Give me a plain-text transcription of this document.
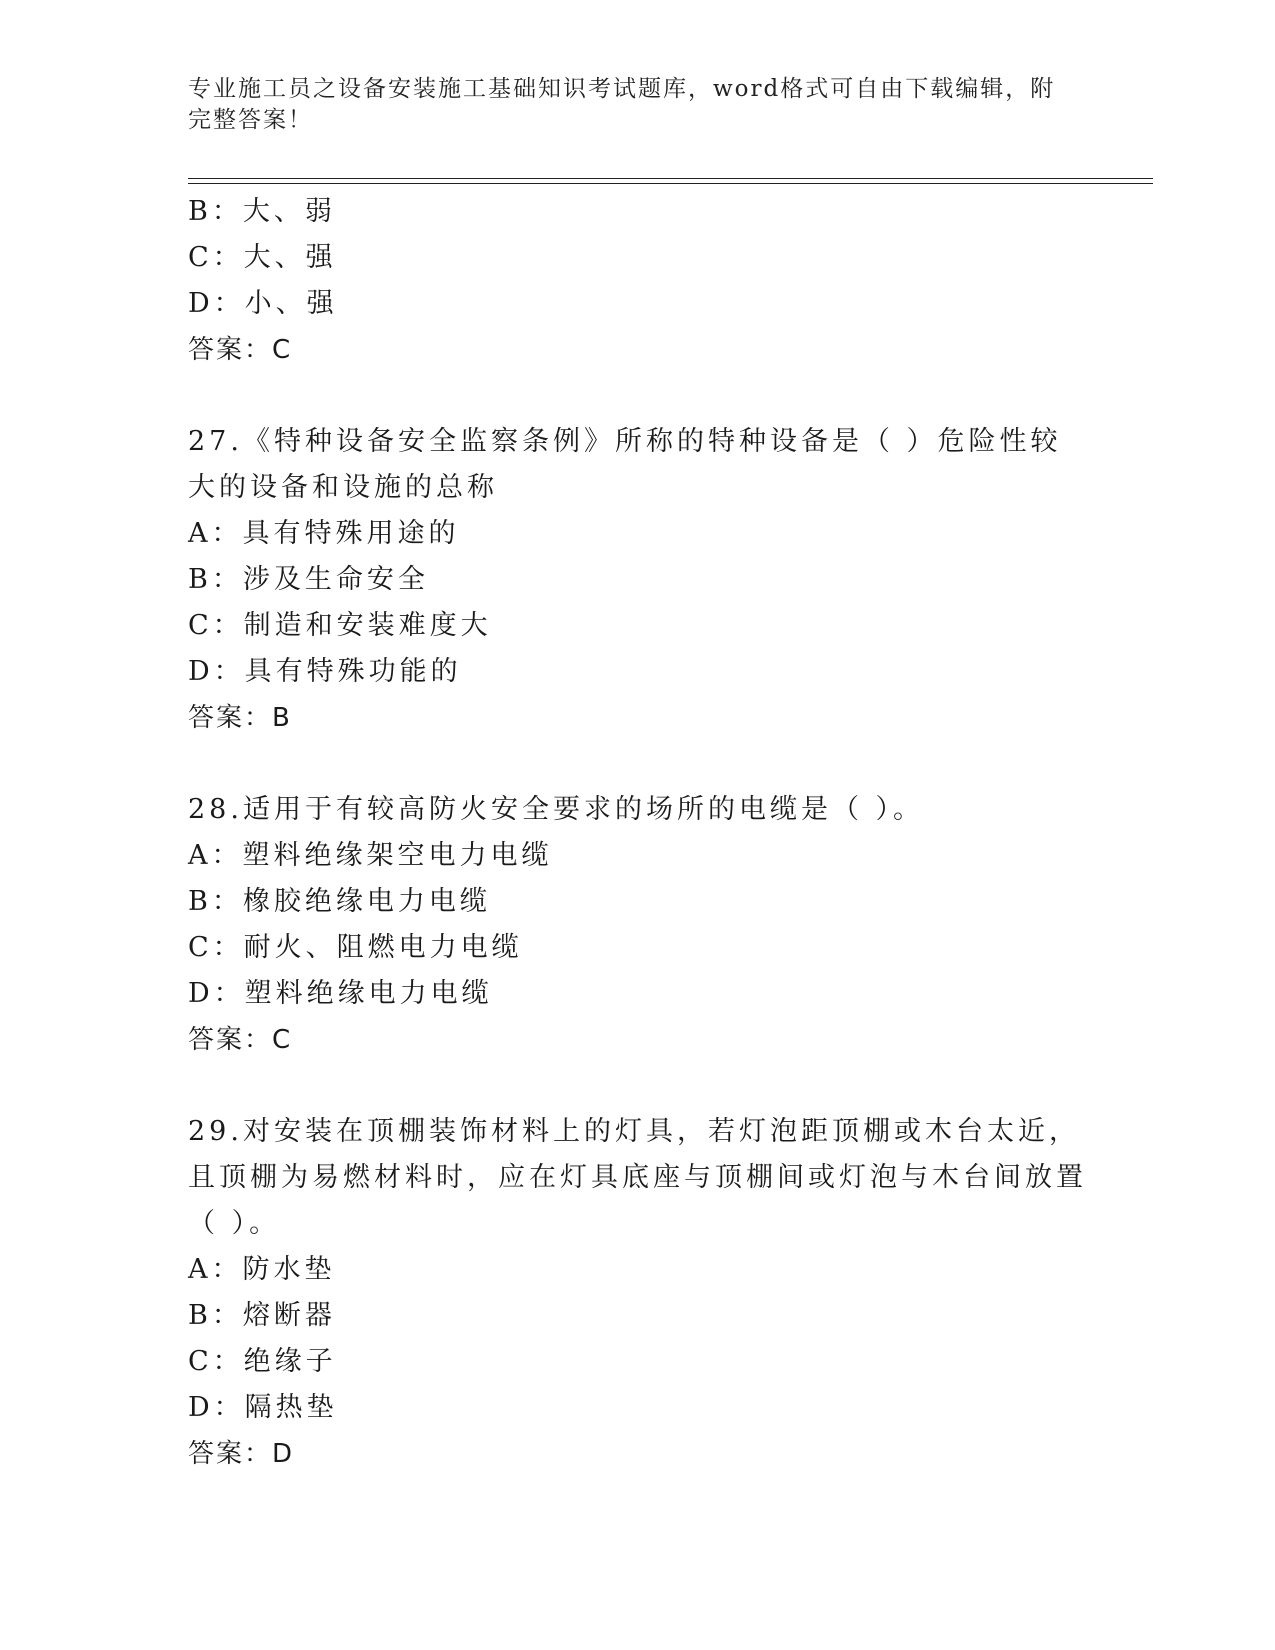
专业施工员之设备安装施工基础知识考试题库，word格式可自由下载编辑，附完整答案！
B：大、弱
C：大、强
D：小、强
答案：C
27.《特种设备安全监察条例》所称的特种设备是（ ）危险性较大的设备和设施的总称
A：具有特殊用途的
B：涉及生命安全
C：制造和安装难度大
D：具有特殊功能的
答案：B
28.适用于有较高防火安全要求的场所的电缆是（ ）。
A：塑料绝缘架空电力电缆
B：橡胶绝缘电力电缆
C：耐火、阻燃电力电缆
D：塑料绝缘电力电缆
答案：C
29.对安装在顶棚装饰材料上的灯具，若灯泡距顶棚或木台太近，且顶棚为易燃材料时，应在灯具底座与顶棚间或灯泡与木台间放置（ ）。
A：防水垫
B：熔断器
C：绝缘子
D：隔热垫
答案：D
